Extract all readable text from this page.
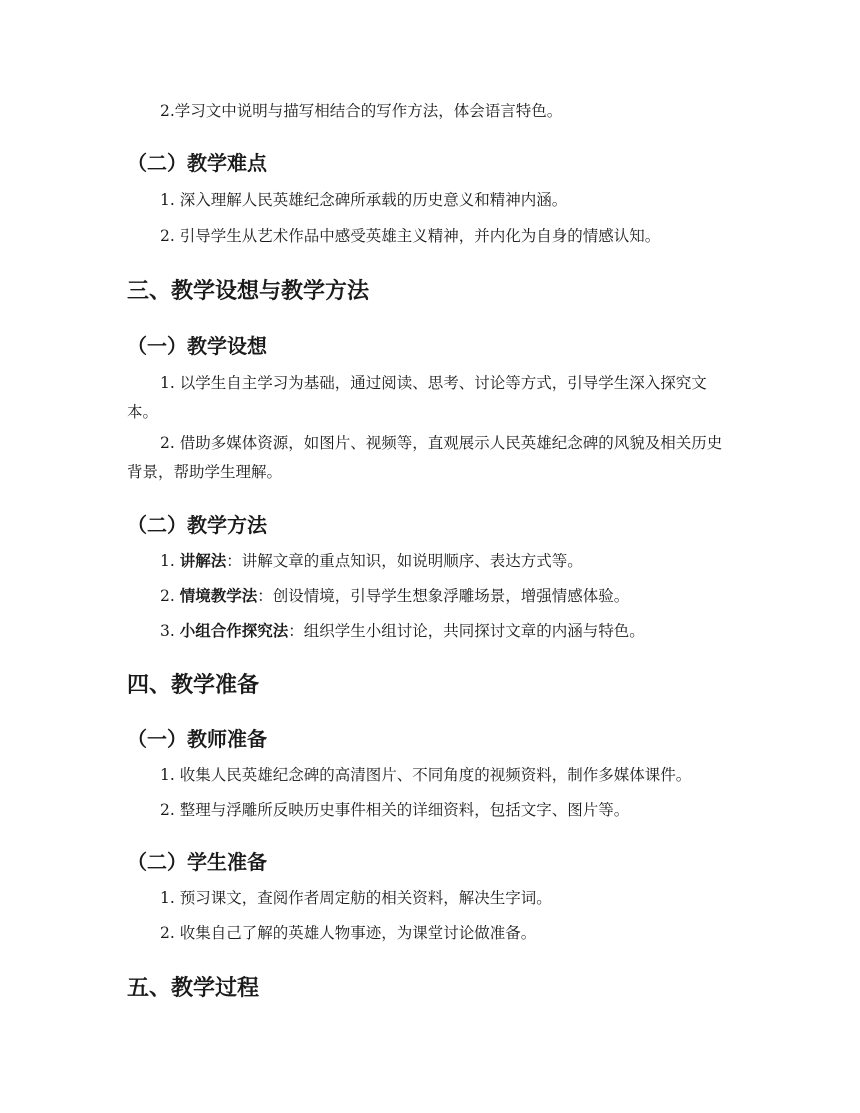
2.学习文中说明与描写相结合的写作方法，体会语言特色。

（二）教学难点

1. 深入理解人民英雄纪念碑所承载的历史意义和精神内涵。

2. 引导学生从艺术作品中感受英雄主义精神，并内化为自身的情感认知。

三、教学设想与教学方法
（一）教学设想

1. 以学生自主学习为基础，通过阅读、思考、讨论等方式，引导学生深入探究文本。

2. 借助多媒体资源，如图片、视频等，直观展示人民英雄纪念碑的风貌及相关历史背景，帮助学生理解。

（二）教学方法

1. 讲解法：讲解文章的重点知识，如说明顺序、表达方式等。

2. 情境教学法：创设情境，引导学生想象浮雕场景，增强情感体验。

3. 小组合作探究法：组织学生小组讨论，共同探讨文章的内涵与特色。

四、教学准备
（一）教师准备

1. 收集人民英雄纪念碑的高清图片、不同角度的视频资料，制作多媒体课件。

2. 整理与浮雕所反映历史事件相关的详细资料，包括文字、图片等。

（二）学生准备

1. 预习课文，查阅作者周定舫的相关资料，解决生字词。

2. 收集自己了解的英雄人物事迹，为课堂讨论做准备。

五、教学过程
